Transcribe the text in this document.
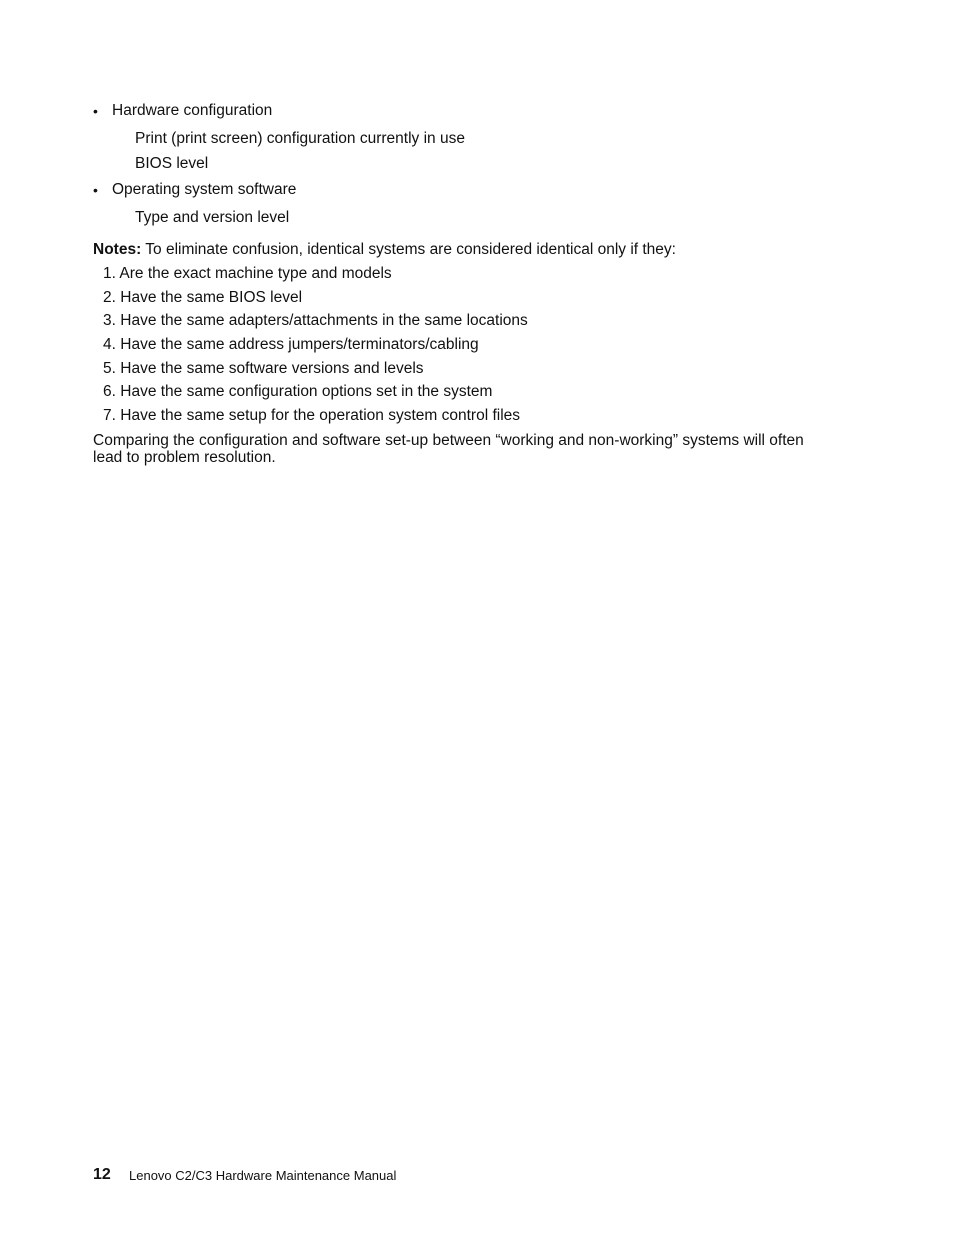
• Hardware configuration
Print (print screen) configuration currently in use
BIOS level
• Operating system software
Type and version level
Notes: To eliminate confusion, identical systems are considered identical only if they:
1. Are the exact machine type and models
2. Have the same BIOS level
3. Have the same adapters/attachments in the same locations
4. Have the same address jumpers/terminators/cabling
5. Have the same software versions and levels
6. Have the same configuration options set in the system
7. Have the same setup for the operation system control files
Comparing the configuration and software set-up between “working and non-working” systems will often lead to problem resolution.
12 Lenovo C2/C3 Hardware Maintenance Manual
